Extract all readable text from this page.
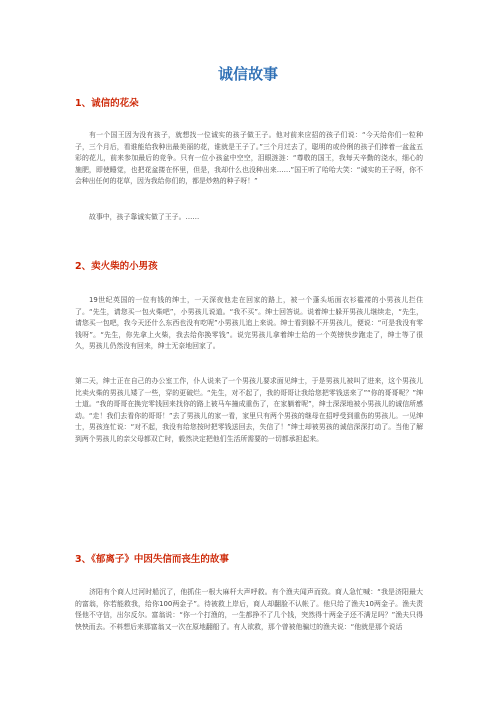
诚信故事
1、诚信的花朵

有一个国王因为没有孩子，就想找一位诚实的孩子做王子。他对前来应招的孩子们说：“今天给你们一粒种子，三个月后，看谁能给我种出最美丽的花，谁就是王子了。”三个月过去了，聪明的或伶俐的孩子们捧着一盆盆五彩的花儿，前来参加最后的竞争。只有一位小孩盆中空空，泪眼涟涟：“尊敬的国王，我每天辛勤的浇水，细心的施肥，即使睡觉，也把花盆搂在怀里，但是，我却什么也没种出来……”国王听了哈哈大笑：“诚实的王子呀，你不会种出任何的花草，因为我给你们的，都是炒熟的种子呀！”

故事中，孩子靠诚实做了王子。……

2、卖火柴的小男孩

19世纪英国的一位有钱的绅士，一天深夜他走在回家的路上，被一个蓬头垢面衣衫褴褛的小男孩儿拦住了。“先生，请您买一包火柴吧”，小男孩儿说道。“我不买”。绅士回答说。说着绅士躲开男孩儿继续走，“先生，请您买一包吧，我今天还什么东西也没有吃呢”小男孩儿追上来说。绅士看到躲不开男孩儿，便说：“可是我没有零钱呀”。“先生，你先拿上火柴，我去给你换零钱”。说完男孩儿拿着绅士给的一个英镑快步跑走了，绅士等了很久，男孩儿仍然没有回来，绅士无奈地回家了。

第二天，绅士正在自己的办公室工作，仆人说来了一个男孩儿要求面见绅士，于是男孩儿被叫了进来，这个男孩儿比卖火柴的男孩儿矮了一些，穿的更破烂。“先生，对不起了，我的哥哥让我给您把零钱送来了”“你的哥哥呢？”绅士道。“我的哥哥在换完零钱回来找你的路上被马车撞成重伤了，在家躺着呢”，绅士深深地被小男孩儿的诚信所感动。“走！我们去看你的哥哥！”去了男孩儿的家一看，家里只有两个男孩的继母在招呼受到重伤的男孩儿。一见绅士，男孩连忙说：“对不起，我没有给您按时把零钱送回去，失信了！”绅士却被男孩的诚信深深打动了。当他了解到两个男孩儿的亲父母都双亡时，毅然决定把他们生活所需要的一切都承担起来。

3、《郁离子》中因失信而丧生的故事

济阳有个商人过河时船沉了，他抓住一根大麻杆大声呼救。有个渔夫闻声而致。商人急忙喊：“我是济阳最大的富翁，你若能救我，给你100两金子”。待被救上岸后，商人却翻脸不认帐了。他只给了渔夫10两金子。渔夫责怪他不守信，出尔反尔。富翁说：“你一个打渔的，一生都挣不了几个钱，突然得十两金子还不满足吗？”渔夫只得怏怏而去。不料想后来那富翁又一次在原地翻船了。有人欲救，那个曾被他骗过的渔夫说：“他就是那个说话
